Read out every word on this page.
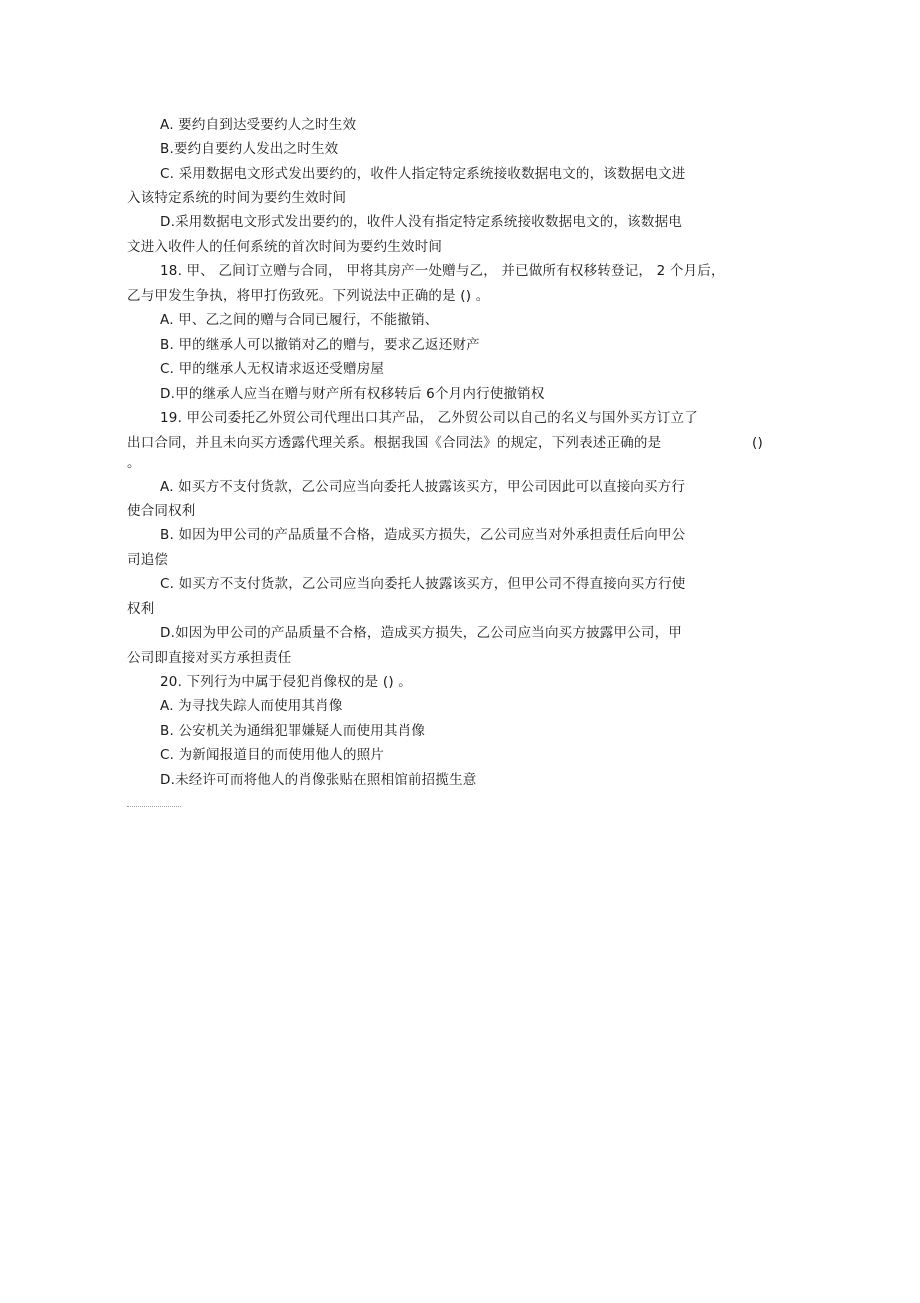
A. 要约自到达受要约人之时生效
B.要约自要约人发出之时生效
C. 采用数据电文形式发出要约的，收件人指定特定系统接收数据电文的，该数据电文进
入该特定系统的时间为要约生效时间
D.采用数据电文形式发出要约的，收件人没有指定特定系统接收数据电文的，该数据电
文进入收件人的任何系统的首次时间为要约生效时间
18. 甲、 乙间订立赠与合同， 甲将其房产一处赠与乙， 并已做所有权移转登记， 2 个月后，
乙与甲发生争执，将甲打伤致死。下列说法中正确的是 () 。
A. 甲、乙之间的赠与合同已履行，不能撤销、
B. 甲的继承人可以撤销对乙的赠与，要求乙返还财产
C. 甲的继承人无权请求返还受赠房屋
D.甲的继承人应当在赠与财产所有权移转后 6个月内行使撤销权
19. 甲公司委托乙外贸公司代理出口其产品， 乙外贸公司以自己的名义与国外买方订立了
出口合同，并且未向买方透露代理关系。根据我国《合同法》的规定，下列表述正确的是	()
。
A. 如买方不支付货款，乙公司应当向委托人披露该买方，甲公司因此可以直接向买方行
使合同权利
B. 如因为甲公司的产品质量不合格，造成买方损失，乙公司应当对外承担责任后向甲公
司追偿
C. 如买方不支付货款，乙公司应当向委托人披露该买方，但甲公司不得直接向买方行使
权利
D.如因为甲公司的产品质量不合格，造成买方损失，乙公司应当向买方披露甲公司，甲
公司即直接对买方承担责任
20. 下列行为中属于侵犯肖像权的是 () 。
A. 为寻找失踪人而使用其肖像
B. 公安机关为通缉犯罪嫌疑人而使用其肖像
C. 为新闻报道目的而使用他人的照片
D.未经许可而将他人的肖像张贴在照相馆前招揽生意
